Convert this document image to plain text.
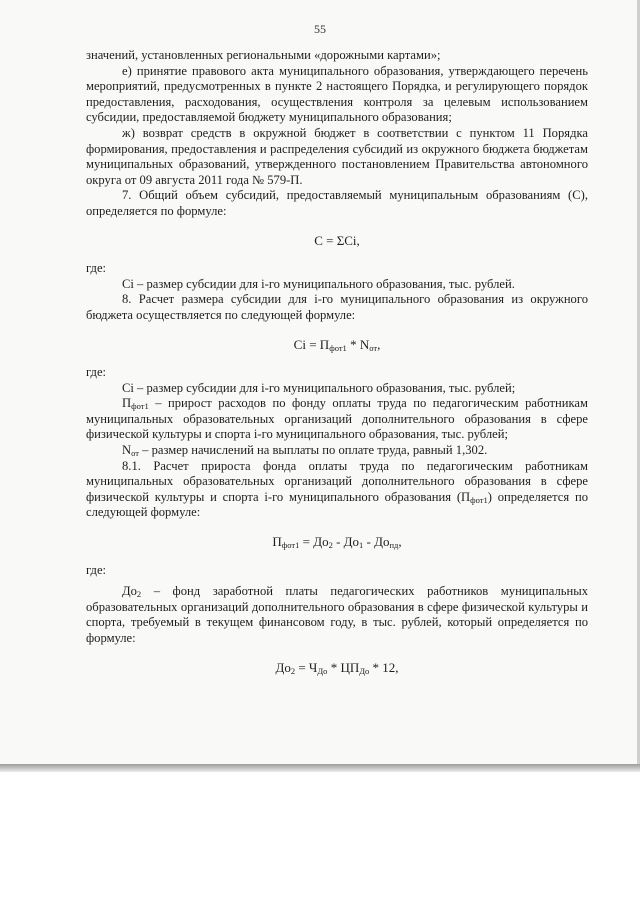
55

значений, установленных региональными «дорожными картами»;

е) принятие правового акта муниципального образования, утверждающего перечень мероприятий, предусмотренных в пункте 2 настоящего Порядка, и регулирующего порядок предоставления, расходования, осуществления контроля за целевым использованием субсидии, предоставляемой бюджету муниципального образования;

ж) возврат средств в окружной бюджет в соответствии с пунктом 11 Порядка формирования, предоставления и распределения субсидий из окружного бюджета бюджетам муниципальных образований, утвержденного постановлением Правительства автономного округа от 09 августа 2011 года № 579-П.

7. Общий объем субсидий, предоставляемый муниципальным образованиям (С), определяется по формуле:

С = ΣCi,

где:

Ci – размер субсидии для i-го муниципального образования, тыс. рублей.

8. Расчет размера субсидии для i-го муниципального образования из окружного бюджета осуществляется по следующей формуле:

$Ci = П_{фот1} * N_{от}$,

где:

Ci – размер субсидии для i-го муниципального образования, тыс. рублей;

$П_{фот1}$ – прирост расходов по фонду оплаты труда по педагогическим работникам муниципальных образовательных организаций дополнительного образования в сфере физической культуры и спорта i-го муниципального образования, тыс. рублей;

$N_{от}$ – размер начислений на выплаты по оплате труда, равный 1,302.

8.1. Расчет прироста фонда оплаты труда по педагогическим работникам муниципальных образовательных организаций дополнительного образования в сфере физической культуры и спорта i-го муниципального образования $(П_{фот1})$ определяется по следующей формуле:

$П_{фот1} = До_2 - До_1 - До_{пд}$,

где:

$До_2$ – фонд заработной платы педагогических работников муниципальных образовательных организаций дополнительного образования в сфере физической культуры и спорта, требуемый в текущем финансовом году, в тыс. рублей, который определяется по формуле:

$До_2 = Ч_{До} * ЦП_{До} * 12$,
